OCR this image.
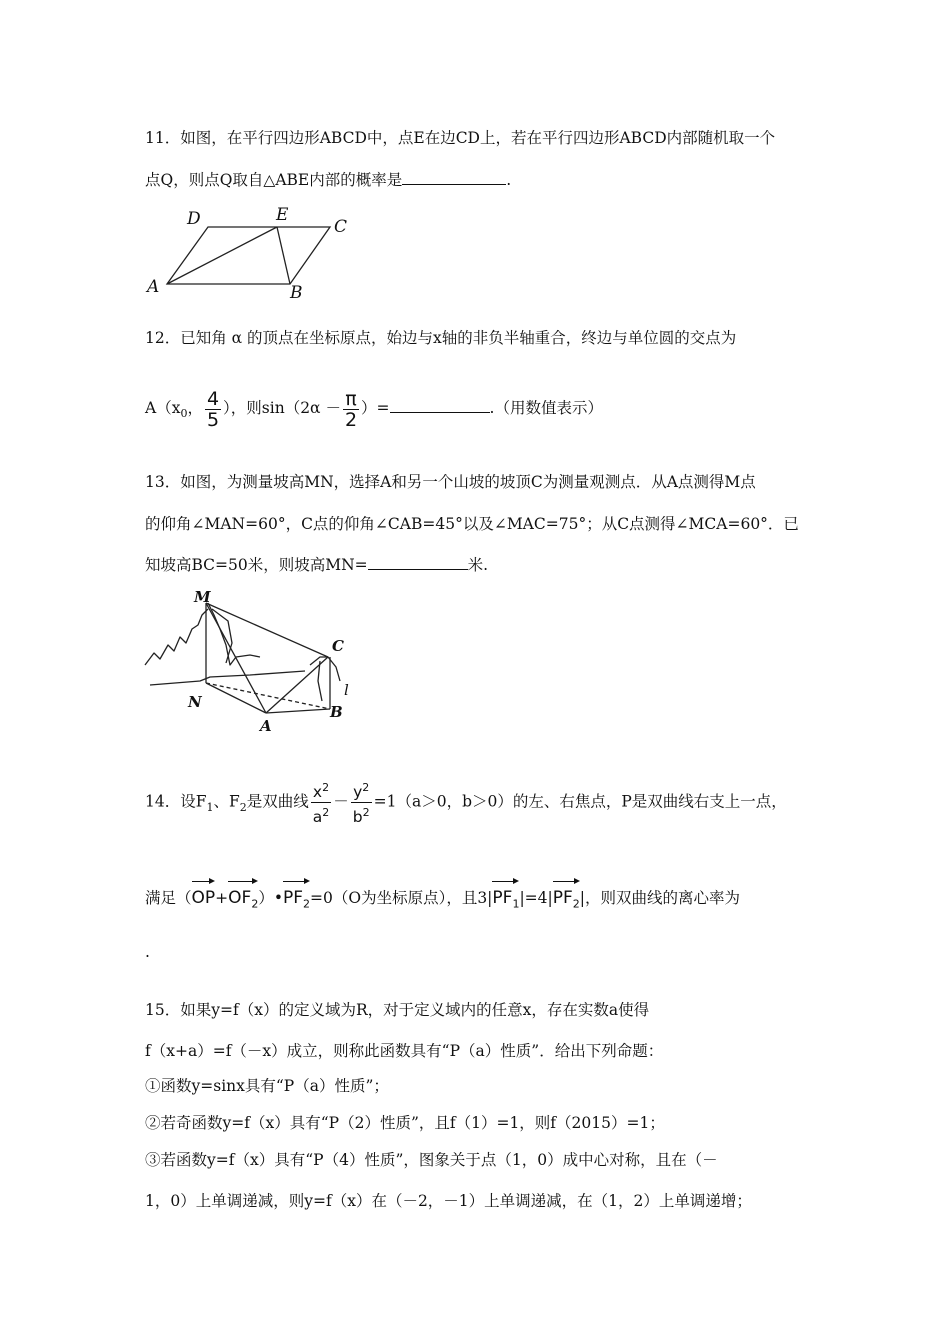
11．如图，在平行四边形ABCD中，点E在边CD上，若在平行四边形ABCD内部随机取一个
点Q，则点Q取自△ABE内部的概率是	.
D	E
C
A	B
12．已知角 α 的顶点在坐标原点，始边与x轴的非负半轴重合，终边与单位圆的交点为
$A(x_0$， $\frac{4}{5}$ ），则$\sin(2\alpha - \frac{\pi}{2}$ ）=	.（用数值表示）
13．如图，为测量坡高MN，选择A和另一个山坡的坡顶C为测量观测点．从A点测得M点
的仰角∠MAN=60°，C点的仰角∠CAB=45°以及∠MAC=75°；从C点测得∠MCA=60°．已
知坡高BC=50米，则坡高MN=	米.
M
C
N
A
B
l
14．设$F_1$、$F_2$是双曲线 $\frac{x^2}{a^2} - \frac{y^2}{b^2} =1(a>0$，b＞0）的左、右焦点，P是双曲线右支上一点，
满足$(OP+OF_2)•PF_2=0(O$为坐标原点），且$3|PF_1|=4|PF_2|$，则双曲线的离心率为
.
15．如果y=f（x）的定义域为R，对于定义域内的任意x，存在实数a使得
f（x+a）=f（－x）成立，则称此函数具有“P（a）性质”．给出下列命题：
①函数y=sinx具有“P（a）性质”；
②若奇函数y=f（x）具有“P（2）性质”，且f（1）=1，则f（2015）=1；
③若函数y=f（x）具有“P（4）性质”，图象关于点（1，0）成中心对称，且在（－
1，0）上单调递减，则y=f（x）在（－2，－1）上单调递减，在（1，2）上单调递增；
